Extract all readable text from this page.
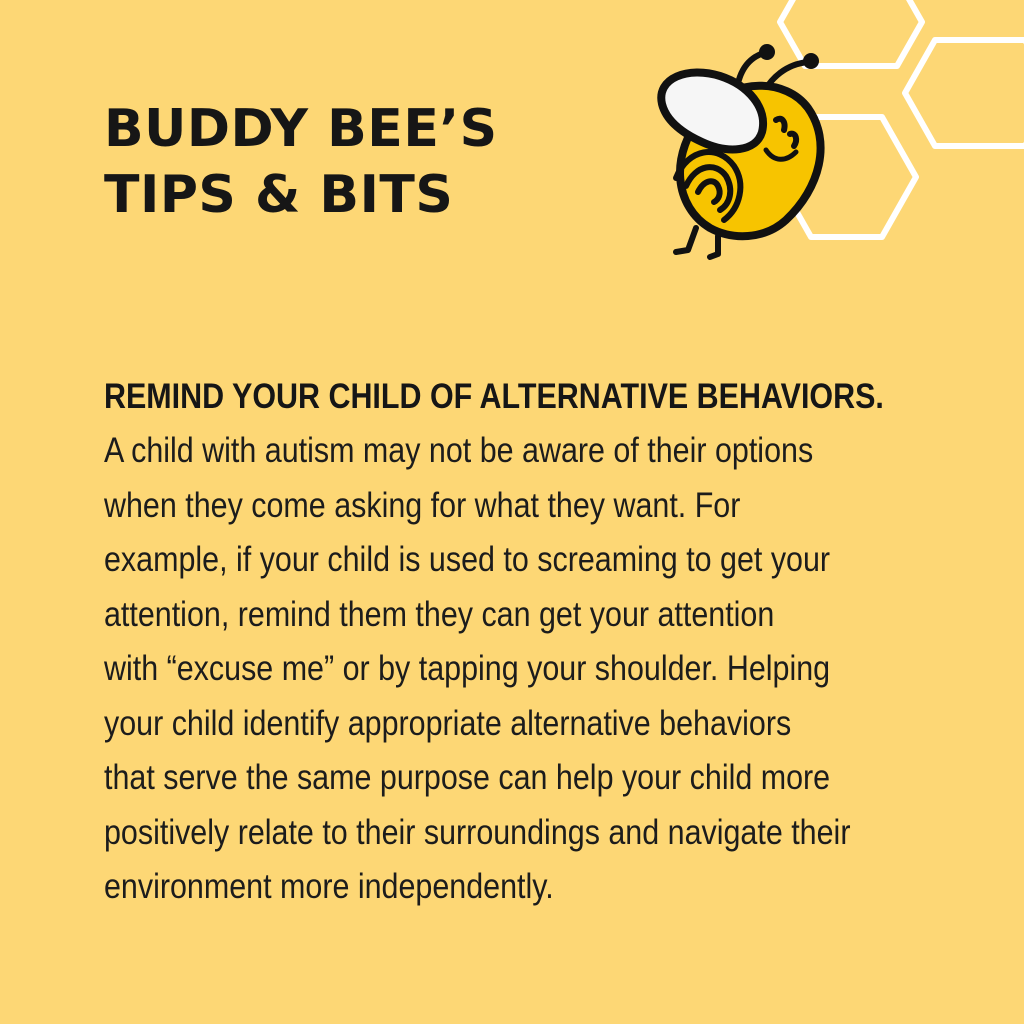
BUDDY BEE’S
TIPS & BITS

REMIND YOUR CHILD OF ALTERNATIVE BEHAVIORS.

A child with autism may not be aware of their options
when they come asking for what they want. For
example, if your child is used to screaming to get your
attention, remind them they can get your attention
with “excuse me” or by tapping your shoulder. Helping
your child identify appropriate alternative behaviors
that serve the same purpose can help your child more
positively relate to their surroundings and navigate their
environment more independently.
